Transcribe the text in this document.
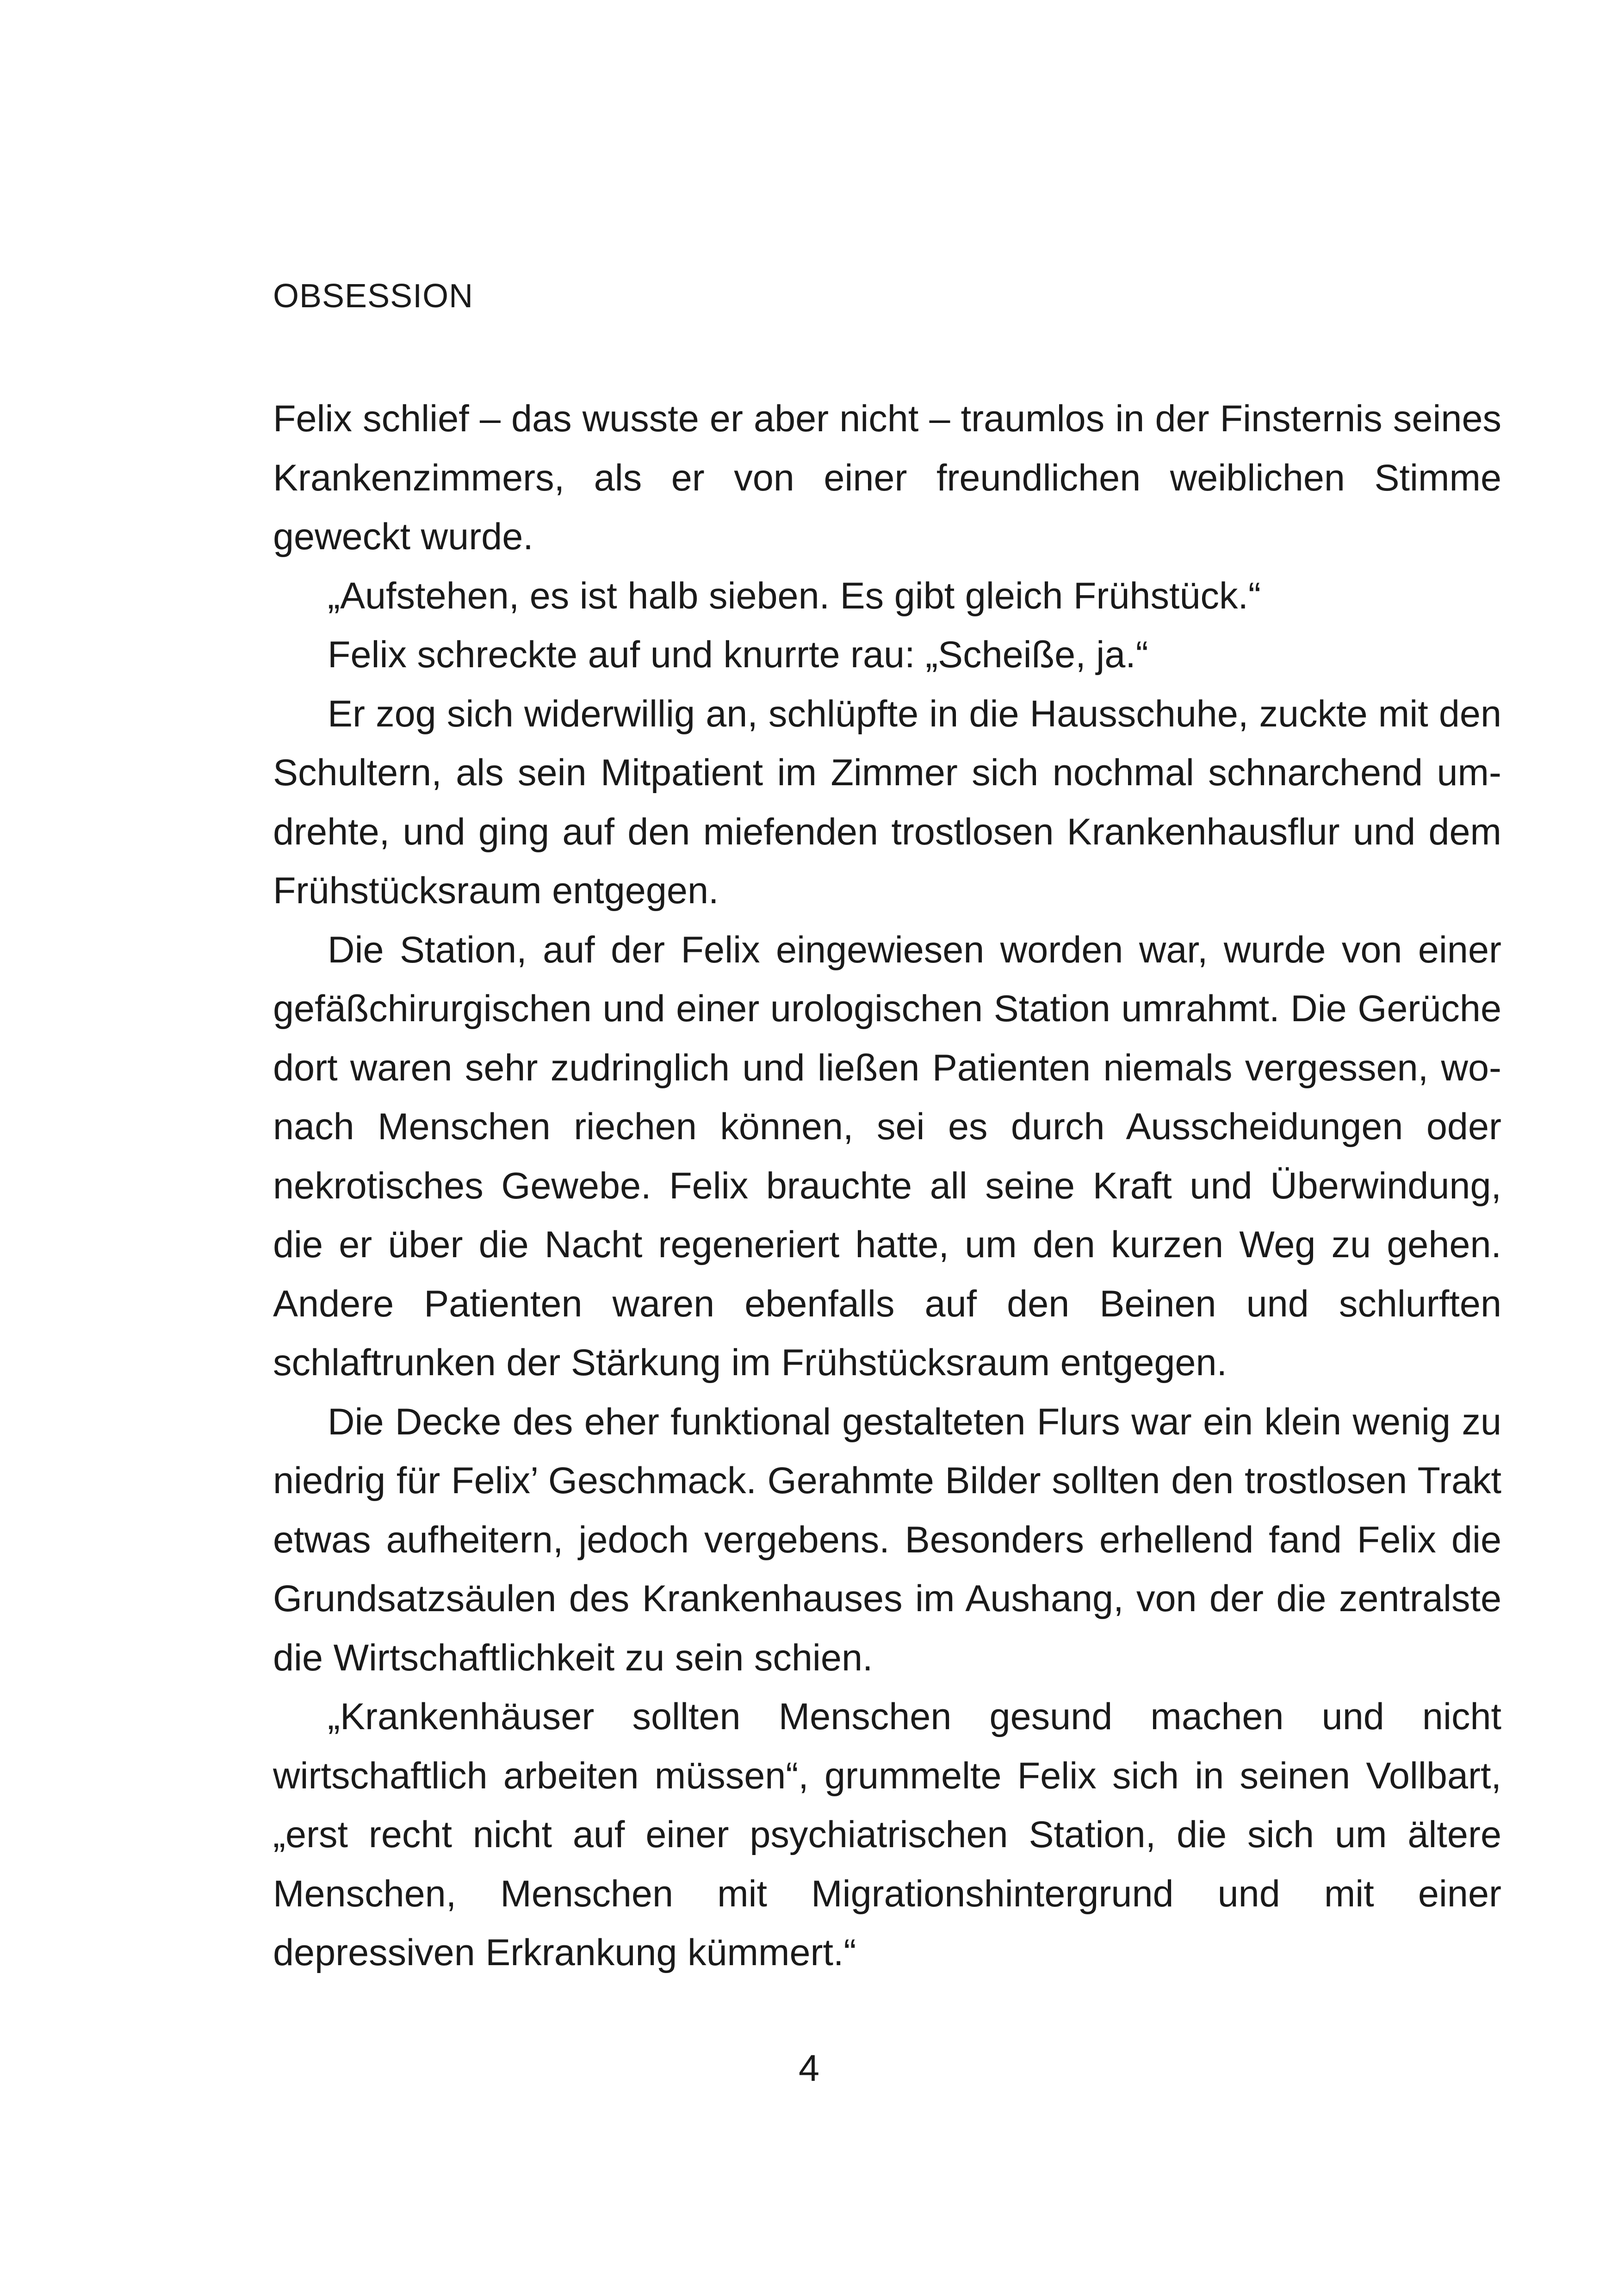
OBSESSION

Felix schlief – das wusste er aber nicht – traumlos in der Finsternis seines Krankenzimmers, als er von einer freundlichen weiblichen Stimme geweckt wurde.

„Aufstehen, es ist halb sieben. Es gibt gleich Frühstück.“

Felix schreckte auf und knurrte rau: „Scheiße, ja.“

Er zog sich widerwillig an, schlüpfte in die Hausschuhe, zuckte mit den Schultern, als sein Mitpatient im Zimmer sich nochmal schnarchend umdrehte, und ging auf den miefenden trostlosen Krankenhausflur und dem Frühstücksraum entgegen.

Die Station, auf der Felix eingewiesen worden war, wurde von einer gefäßchirurgischen und einer urologischen Station umrahmt. Die Gerüche dort waren sehr zudringlich und ließen Patienten niemals vergessen, wonach Menschen riechen können, sei es durch Ausscheidungen oder nekrotisches Gewebe. Felix brauchte all seine Kraft und Überwindung, die er über die Nacht regeneriert hatte, um den kurzen Weg zu gehen. Andere Patienten waren ebenfalls auf den Beinen und schlurften schlaftrunken der Stärkung im Frühstücksraum entgegen.

Die Decke des eher funktional gestalteten Flurs war ein klein wenig zu niedrig für Felix’ Geschmack. Gerahmte Bilder sollten den trostlosen Trakt etwas aufheitern, jedoch vergebens. Besonders erhellend fand Felix die Grundsatzsäulen des Krankenhauses im Aushang, von der die zentralste die Wirtschaftlichkeit zu sein schien.

„Krankenhäuser sollten Menschen gesund machen und nicht wirtschaftlich arbeiten müssen“, grummelte Felix sich in seinen Vollbart, „erst recht nicht auf einer psychiatrischen Station, die sich um ältere Menschen, Menschen mit Migrationshintergrund und mit einer depressiven Erkrankung kümmert.“

4
